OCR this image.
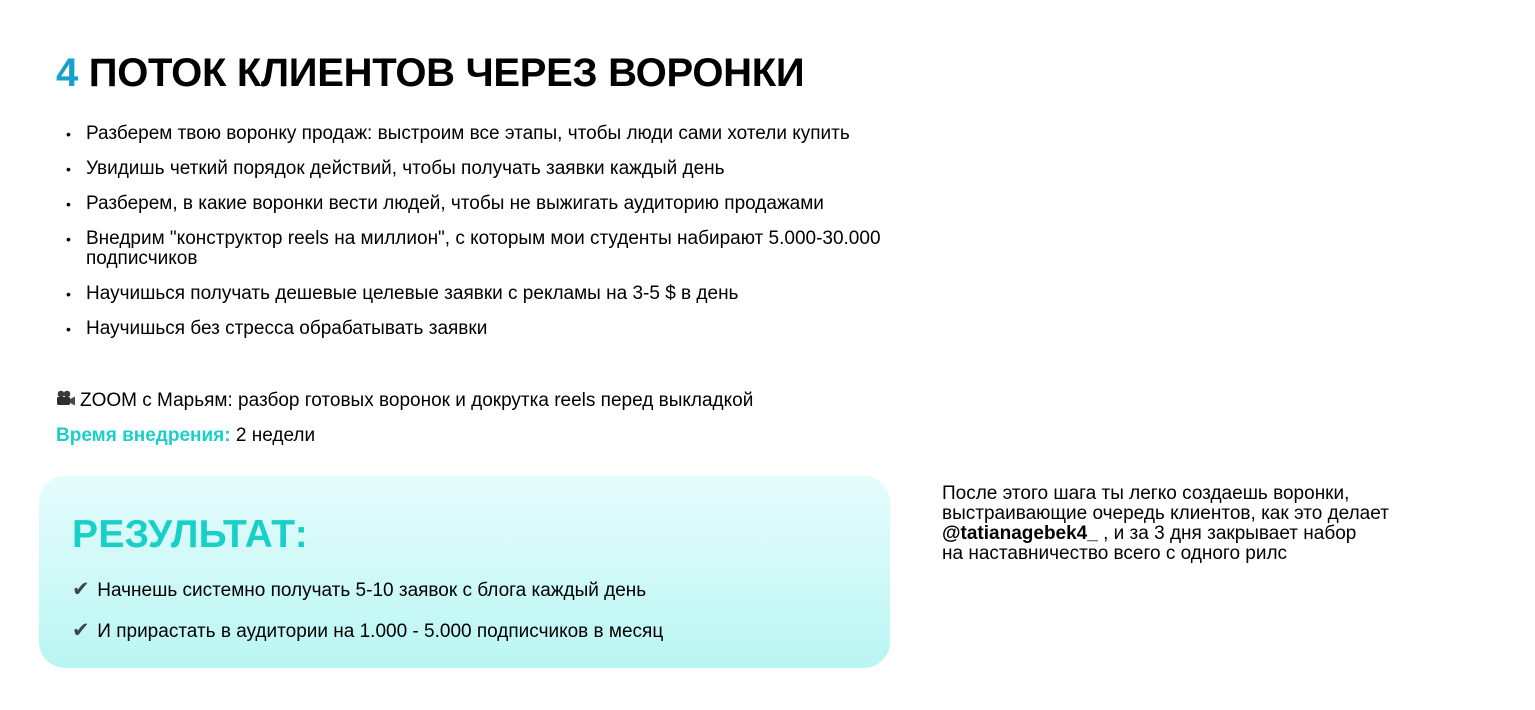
4 ПОТОК КЛИЕНТОВ ЧЕРЕЗ ВОРОНКИ
• Разберем твою воронку продаж: выстроим все этапы, чтобы люди сами хотели купить
• Увидишь четкий порядок действий, чтобы получать заявки каждый день
• Разберем, в какие воронки вести людей, чтобы не выжигать аудиторию продажами
• Внедрим "конструктор reels на миллион", с которым мои студенты набирают 5.000-30.000 подписчиков
• Научишься получать дешевые целевые заявки с рекламы на 3-5 $ в день
• Научишься без стресса обрабатывать заявки
ZOOM с Марьям: разбор готовых воронок и докрутка reels перед выкладкой
Время внедрения: 2 недели
РЕЗУЛЬТАТ:
✔ Начнешь системно получать 5-10 заявок с блога каждый день
✔ И прирастать в аудитории на 1.000 - 5.000 подписчиков в месяц
После этого шага ты легко создаешь воронки,
выстраивающие очередь клиентов, как это делает
@tatianagebek4_ , и за 3 дня закрывает набор
на наставничество всего с одного рилс
